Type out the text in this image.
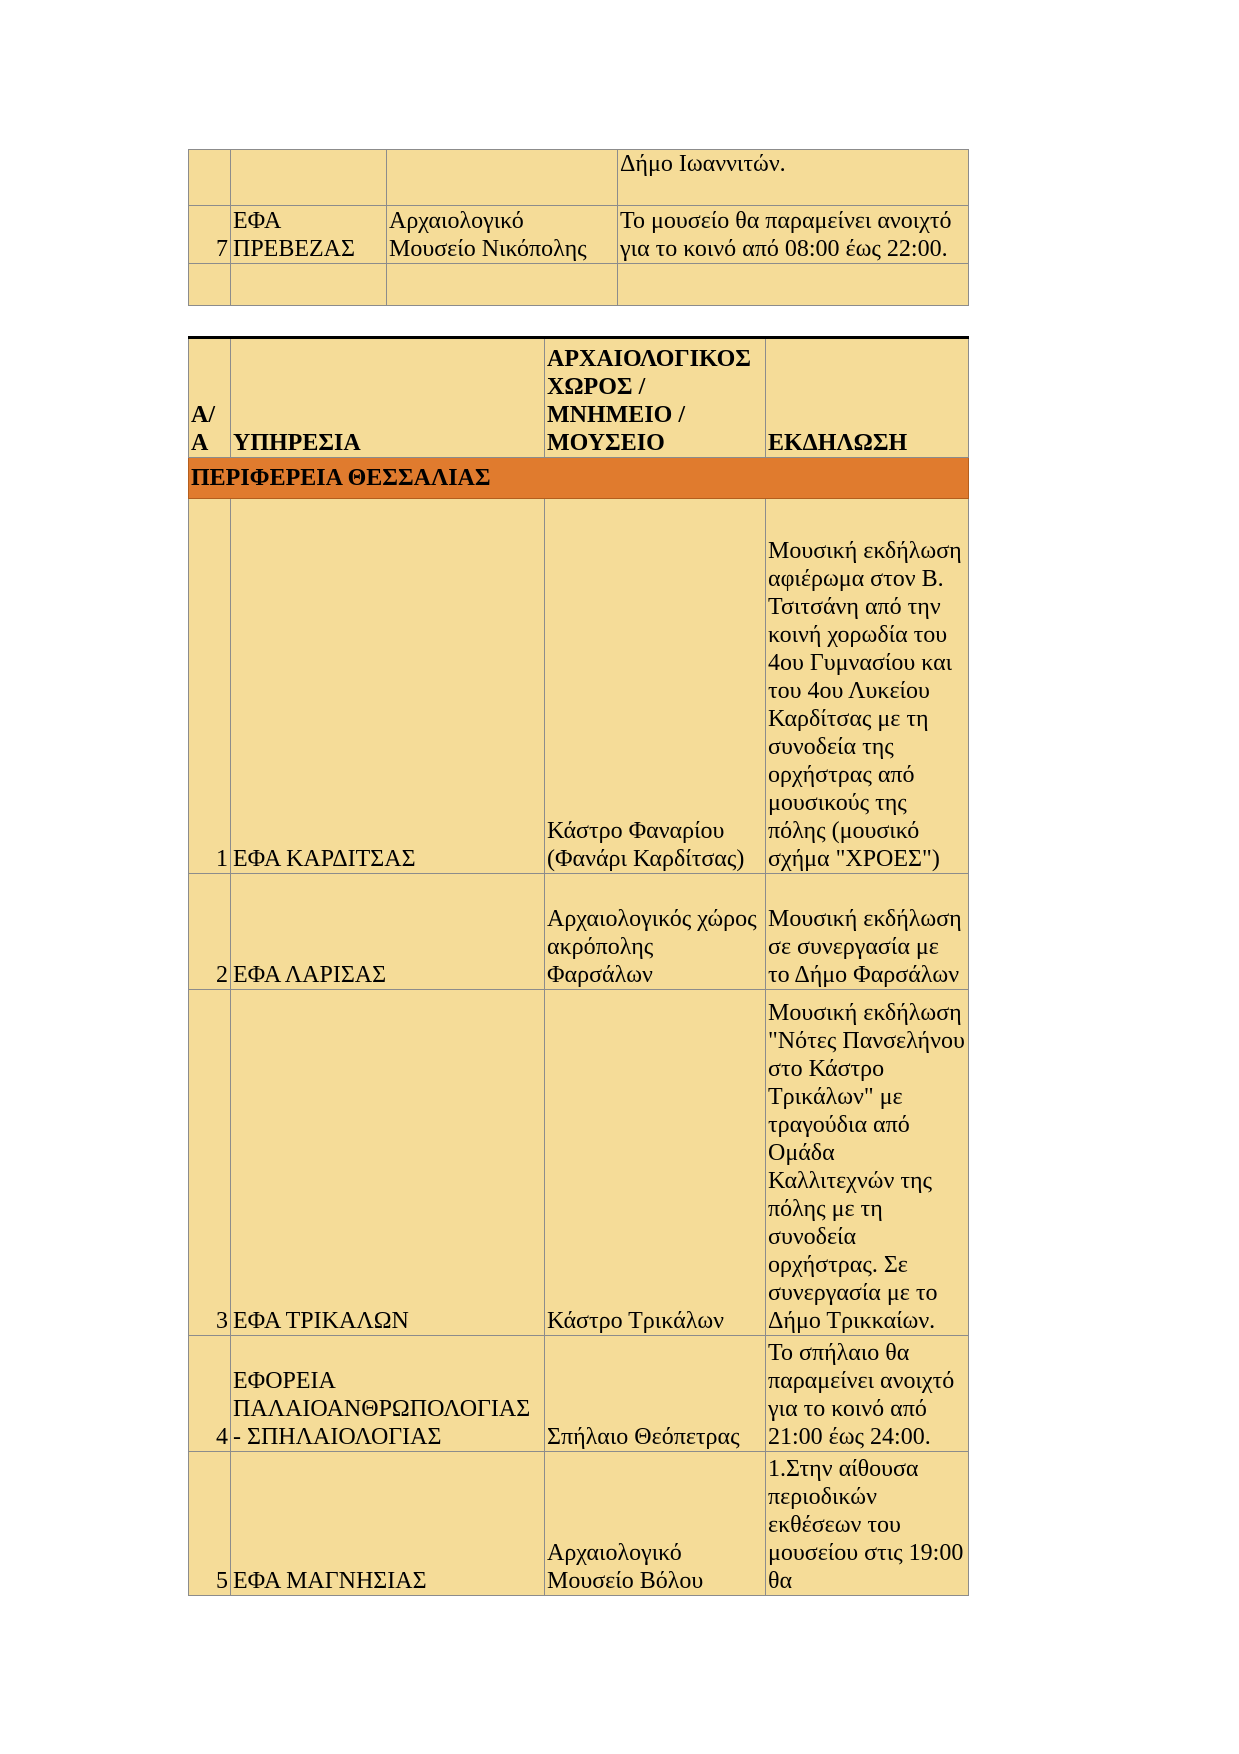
			Δήμο Ιωαννιτών.
7	ΕΦΑ ΠΡΕΒΕΖΑΣ	Αρχαιολογικό Μουσείο Νικόπολης	Το μουσείο θα παραμείνει ανοιχτό για το κοινό από 08:00 έως 22:00.

Α/Α	ΥΠΗΡΕΣΙΑ	ΑΡΧΑΙΟΛΟΓΙΚΟΣ ΧΩΡΟΣ / ΜΝΗΜΕΙΟ / ΜΟΥΣΕΙΟ	ΕΚΔΗΛΩΣΗ
ΠΕΡΙΦΕΡΕΙΑ ΘΕΣΣΑΛΙΑΣ			
1	ΕΦΑ ΚΑΡΔΙΤΣΑΣ	Κάστρο Φαναρίου (Φανάρι Καρδίτσας)	Μουσική εκδήλωση αφιέρωμα στον Β. Τσιτσάνη από την κοινή χορωδία του 4ου Γυμνασίου και του 4ου Λυκείου Καρδίτσας με τη συνοδεία της ορχήστρας από μουσικούς της πόλης (μουσικό σχήμα "ΧΡΟΕΣ")
2	ΕΦΑ ΛΑΡΙΣΑΣ	Αρχαιολογικός χώρος ακρόπολης Φαρσάλων	Μουσική εκδήλωση σε συνεργασία με το Δήμο Φαρσάλων
3	ΕΦΑ ΤΡΙΚΑΛΩΝ	Κάστρο Τρικάλων	Μουσική εκδήλωση "Νότες Πανσελήνου στο Κάστρο Τρικάλων" με τραγούδια από Ομάδα Καλλιτεχνών της πόλης με τη συνοδεία ορχήστρας. Σε συνεργασία με το Δήμο Τρικκαίων.
4	ΕΦΟΡΕΙΑ ΠΑΛΑΙΟΑΝΘΡΩΠΟΛΟΓΙΑΣ - ΣΠΗΛΑΙΟΛΟΓΙΑΣ	Σπήλαιο Θεόπετρας	Το σπήλαιο θα παραμείνει ανοιχτό για το κοινό από 21:00 έως 24:00.
5	ΕΦΑ ΜΑΓΝΗΣΙΑΣ	Αρχαιολογικό Μουσείο Βόλου	1.Στην αίθουσα περιοδικών εκθέσεων του μουσείου στις 19:00 θα
